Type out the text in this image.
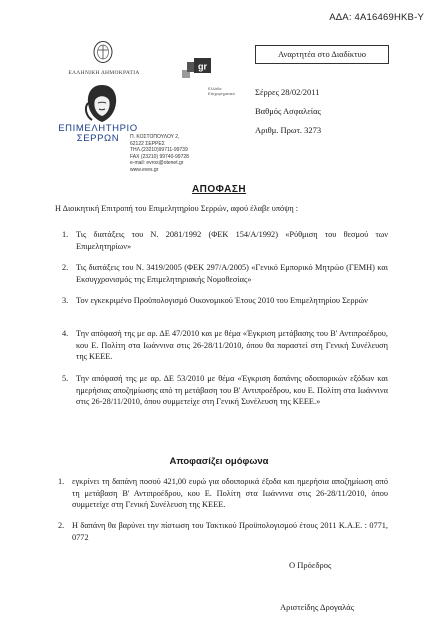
ΑΔΑ: 4Α16469ΗΚΒ-Υ
ΕΛΛΗΝΙΚΗ ΔΗΜΟΚΡΑΤΙΑ
ΕΠΙΜΕΛΗΤΗΡΙΟ
ΣΕΡΡΩΝ	Π. ΚΟΣΤΟΠΟΥΛΟΥ 2,
62122 ΣΕΡΡΕΣ
ΤΗΛ.(23210)99711-99739
FAX (23210) 99740-99728
e-mail: evros@otenet.gr
www.eves.gr
gr
Ελλάδα
Επιχειρηματικό
Αναρτητέα στο Διαδίκτυο
Σέρρες 28/02/2011
Βαθμός Ασφαλείας
Αριθμ. Πρωτ. 3273
ΑΠΟΦΑΣΗ
Η Διοικητική Επιτροπή του Επιμελητηρίου Σερρών, αφού έλαβε υπόψη :
1. Τις διατάξεις του Ν. 2081/1992 (ΦΕΚ 154/Α/1992) «Ρύθμιση του θεσμού των Επιμελητηρίων»
2. Τις διατάξεις του Ν. 3419/2005 (ΦΕΚ 297/Α/2005) «Γενικό Εμπορικό Μητρώο (ΓΕΜΗ) και Εκσυγχρονισμός της Επιμελητηριακής Νομοθεσίας»
3. Τον εγκεκριμένο Προϋπολογισμό Οικονομικού Έτους 2010 του Επιμελητηρίου Σερρών
4. Την απόφασή της με αρ. ΔΕ 47/2010 και με θέμα «Έγκριση μετάβασης του Β' Αντιπροέδρου, κου Ε. Πολίτη στα Ιωάννινα στις 26-28/11/2010, όπου θα παραστεί στη Γενική Συνέλευση της ΚΕΕΕ.
5. Την απόφασή της με αρ. ΔΕ 53/2010 με θέμα «Έγκριση δαπάνης οδοιπορικών εξόδων και ημερήσιας αποζημίωσης από τη μετάβαση του Β' Αντιπροέδρου, κου Ε. Πολίτη στα Ιωάννινα στις 26-28/11/2010, όπου συμμετείχε στη Γενική Συνέλευση της ΚΕΕΕ.»
Αποφασίζει ομόφωνα
1. εγκρίνει τη δαπάνη ποσού 421,00 ευρώ για οδοιπορικά έξοδα και ημερήσια αποζημίωση από τη μετάβαση Β' Αντιπροέδρου, κου Ε. Πολίτη στα Ιωάννινα στις 26-28/11/2010, όπου συμμετείχε στη Γενική Συνέλευση της ΚΕΕΕ.
2. Η δαπάνη θα βαρύνει την πίστωση του Τακτικού Προϋπολογισμού έτους 2011 Κ.Α.Ε. : 0771, 0772
Ο Πρόεδρος
Αριστείδης Δρογαλάς
